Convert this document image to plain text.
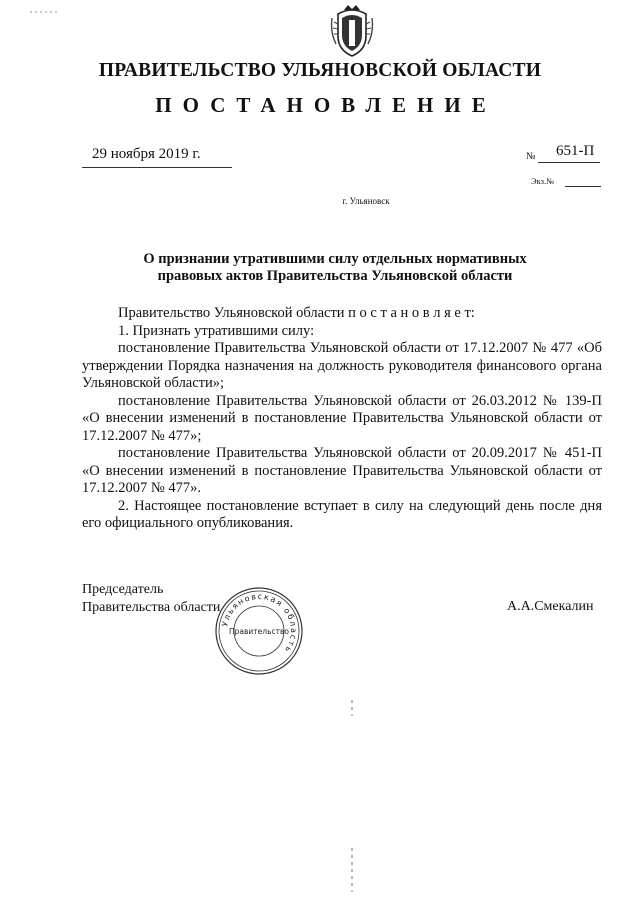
ПРАВИТЕЛЬСТВО УЛЬЯНОВСКОЙ ОБЛАСТИ
ПОСТАНОВЛЕНИЕ
29 ноября 2019 г.	№ 651-П
Экз.№
г. Ульяновск
О признании утратившими силу отдельных нормативных
правовых актов Правительства Ульяновской области

Правительство Ульяновской области п о с т а н о в л я е т:

1. Признать утратившими силу:

постановление Правительства Ульяновской области от 17.12.2007 № 477 «Об утверждении Порядка назначения на должность руководителя финансового органа Ульяновской области»;

постановление Правительства Ульяновской области от 26.03.2012 № 139-П «О внесении изменений в постановление Правительства Ульяновской области от 17.12.2007 № 477»;

постановление Правительства Ульяновской области от 20.09.2017 № 451-П «О внесении изменений в постановление Правительства Ульяновской области от 17.12.2007 № 477».

2. Настоящее постановление вступает в силу на следующий день после дня его официального опубликования.

Председатель
Правительства области	А.А.Смекалин
Ульяновская область
Правительство
